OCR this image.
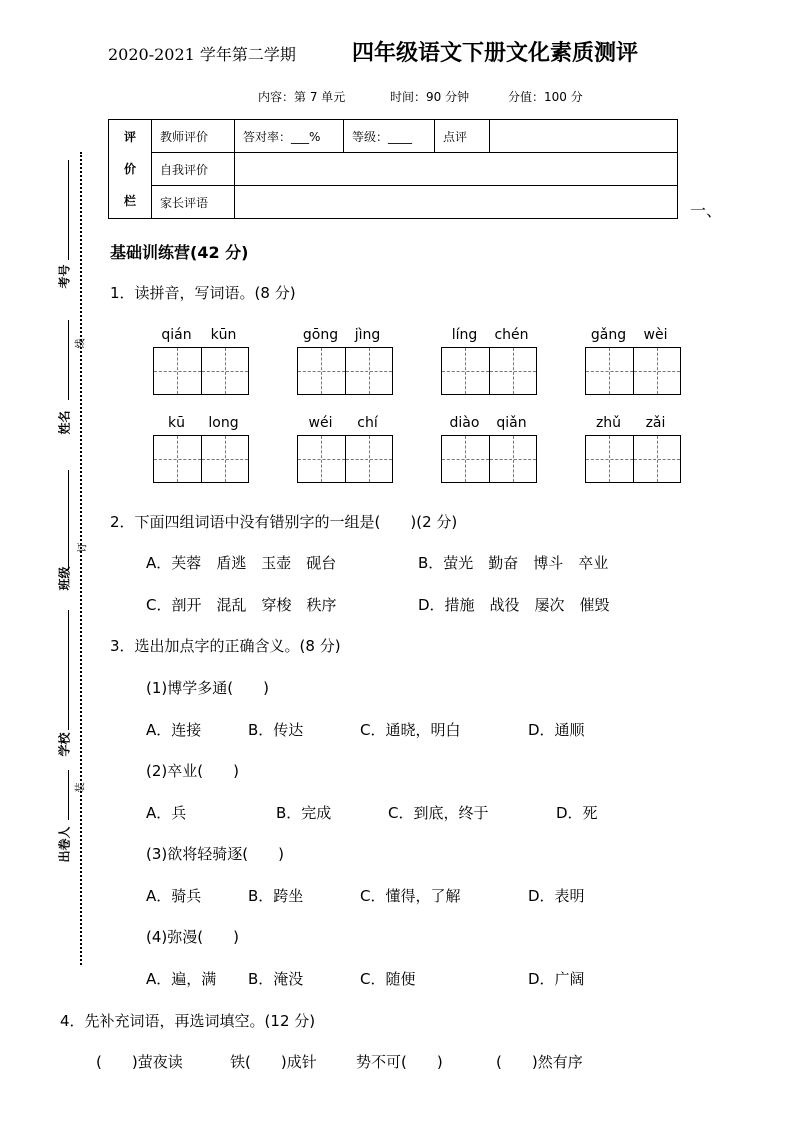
2020-2021 学年第二学期	四年级语文下册文化素质测评
内容：第 7 单元	时间：90 分钟	分值：100 分
评
价
栏	教师评价	答对率：___%	等级：____	点评	
	自我评价				
	家长评语					一、
考号
姓名
班级
学校
出卷人
线
订
装
基础训练营(42 分)
1．读拼音，写词语。(8 分)
qián	kūn	gōng	jìng	líng	chén	gǎng	wèi
kū	long	wéi	chí	diào	qiǎn	zhǔ	zǎi
2．下面四组词语中没有错别字的一组是(　　)(2 分)
A．芙蓉　盾逃　玉壶　砚台	B．萤光　勤奋　博斗　卒业
C．剖开　混乱　穿梭　秩序	D．措施　战役　屡次　催毁
3．选出加点字的正确含义。(8 分)
(1)博学多通(　　)
A．连接	B．传达	C．通晓，明白	D．通顺
(2)卒业(　　)
A．兵	B．完成	C．到底，终于	D．死
(3)欲将轻骑逐(　　)
A．骑兵	B．跨坐	C．懂得，了解	D．表明
(4)弥漫(　　)
A．遍，满 B．淹没	C．随便	D．广阔
4．先补充词语，再选词填空。(12 分)
(　　)萤夜读	铁(　　)成针	势不可(　　)	(　　)然有序
